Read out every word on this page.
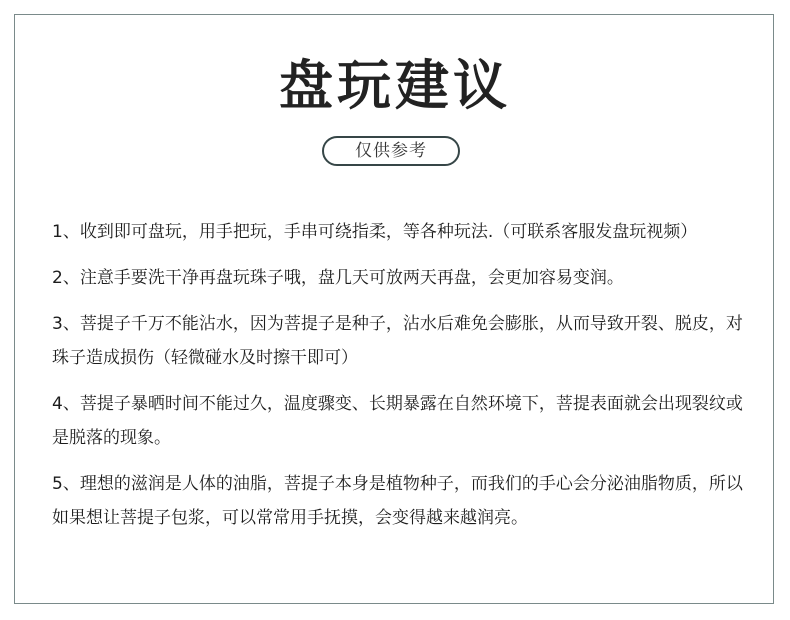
盘玩建议
仅供参考
1、收到即可盘玩，用手把玩，手串可绕指柔，等各种玩法.（可联系客服发盘玩视频）
2、注意手要洗干净再盘玩珠子哦，盘几天可放两天再盘，会更加容易变润。
3、菩提子千万不能沾水，因为菩提子是种子，沾水后难免会膨胀，从而导致开裂、脱皮，对珠子造成损伤（轻微碰水及时擦干即可）
4、菩提子暴晒时间不能过久，温度骤变、长期暴露在自然环境下，菩提表面就会出现裂纹或是脱落的现象。
5、理想的滋润是人体的油脂，菩提子本身是植物种子，而我们的手心会分泌油脂物质，所以如果想让菩提子包浆，可以常常用手抚摸，会变得越来越润亮。
